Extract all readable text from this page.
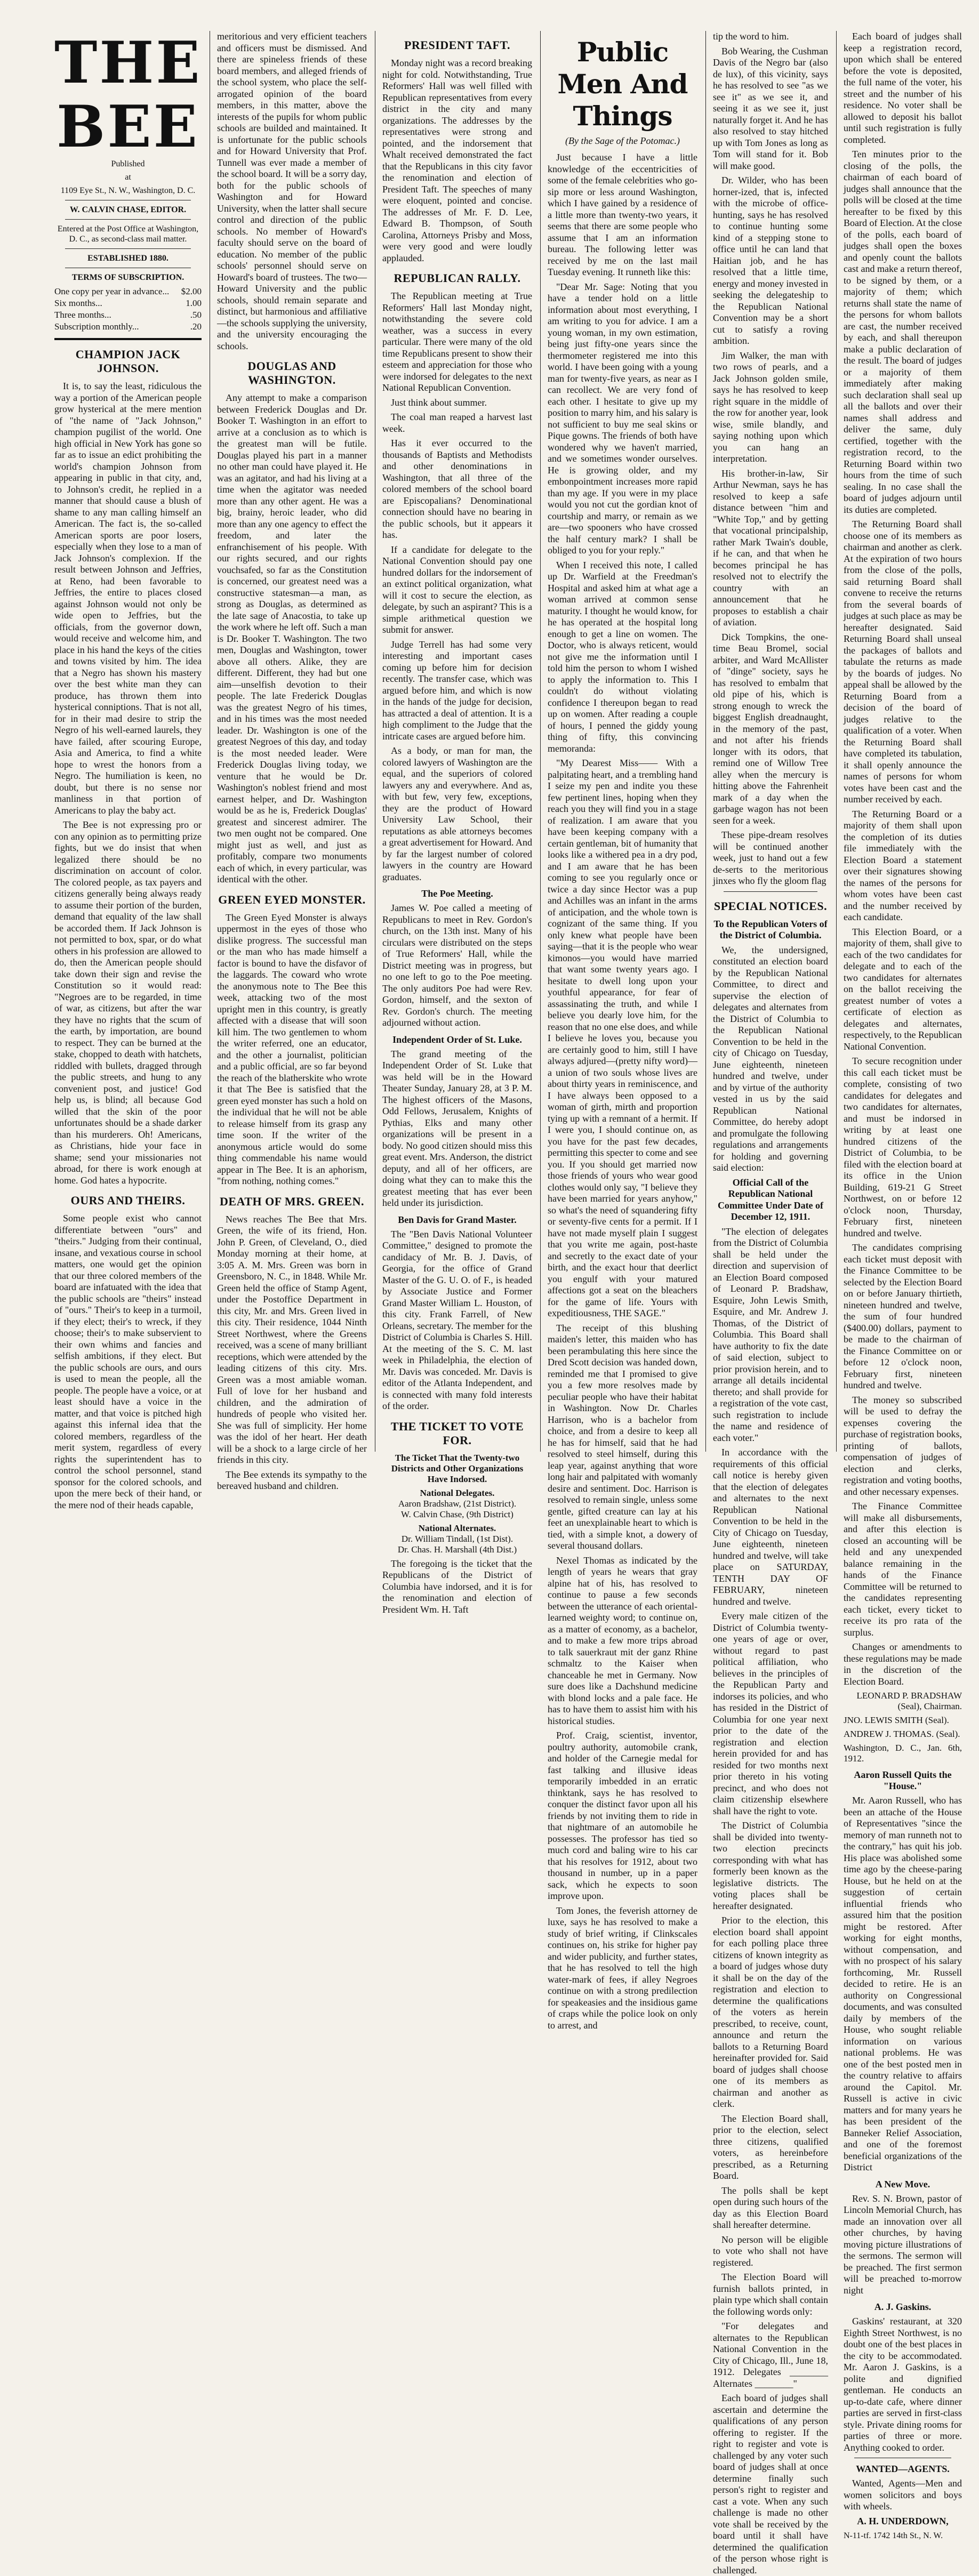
THE BEE

Published

at

1109 Eye St., N. W., Washington, D. C.

W. CALVIN CHASE, EDITOR.

Entered at the Post Office at Washington, D. C., as second-class mail matter.

ESTABLISHED 1880.

TERMS OF SUBSCRIPTION.

One copy per year in advance... $2.00
Six months...	1.00
Three months...	.50
Subscription monthly...	.20
CHAMPION JACK JOHNSON.

It is, to say the least, ridiculous the way a portion of the American people grow hysterical at the mere mention of "the name of "Jack Johnson," champion pugilist of the world. One high official in New York has gone so far as to issue an edict prohibiting the world's champion Johnson from appearing in public in that city, and, to Johnson's credit, he replied in a manner that should cause a blush of shame to any man calling himself an American. The fact is, the so-called American sports are poor losers, especially when they lose to a man of Jack Johnson's complexion. If the result between Johnson and Jeffries, at Reno, had been favorable to Jeffries, the entire to places closed against Johnson would not only be wide open to Jeffries, but the officials, from the governor down, would receive and welcome him, and place in his hand the keys of the cities and towns visited by him. The idea that a Negro has shown his mastery over the best white man they can produce, has thrown them into hysterical conniptions. That is not all, for in their mad desire to strip the Negro of his well-earned laurels, they have failed, after scouring Europe, Asia and America, to find a white hope to wrest the honors from a Negro. The humiliation is keen, no doubt, but there is no sense nor manliness in that portion of Americans to play the baby act.

The Bee is not expressing pro or con any opinion as to permitting prize fights, but we do insist that when legalized there should be no discrimination on account of color. The colored people, as tax payers and citizens generally being always ready to assume their portion of the burden, demand that equality of the law shall be accorded them. If Jack Johnson is not permitted to box, spar, or do what others in his profession are allowed to do, then the American people should take down their sign and revise the Constitution so it would read: "Negroes are to be regarded, in time of war, as citizens, but after the war they have no rights that the scum of the earth, by importation, are bound to respect. They can be burned at the stake, chopped to death with hatchets, riddled with bullets, dragged through the public streets, and hung to any convenient post, and justice! God help us, is blind; all because God willed that the skin of the poor unfortunates should be a shade darker than his murderers. Oh! Americans, as Christians, hide your face in shame; send your missionaries not abroad, for there is work enough at home. God hates a hypocrite.

OURS AND THEIRS.

Some people exist who cannot differentiate between "ours" and "theirs." Judging from their continual, insane, and vexatious course in school matters, one would get the opinion that our three colored members of the board are infatuated with the idea that the public schools are "theirs" instead of "ours." Their's to keep in a turmoil, if they elect; their's to wreck, if they choose; their's to make subservient to their own whims and fancies and selfish ambitions, if they elect. But the public schools are ours, and ours is used to mean the people, all the people. The people have a voice, or at least should have a voice in the matter, and that voice is pitched high against this infernal idea that the colored members, regardless of the merit system, regardless of every rights the superintendent has to control the school personnel, stand sponsor for the colored schools, and upon the mere beck of their hand, or the mere nod of their heads capable,

meritorious and very efficient teachers and officers must be dismissed. And there are spineless friends of these board members, and alleged friends of the school system, who place the self-arrogated opinion of the board members, in this matter, above the interests of the pupils for whom public schools are builded and maintained. It is unfortunate for the public schools and for Howard University that Prof. Tunnell was ever made a member of the school board. It will be a sorry day, both for the public schools of Washington and for Howard University, when the latter shall secure control and direction of the public schools. No member of Howard's faculty should serve on the board of education. No member of the public schools' personnel should serve on Howard's board of trustees. The two—Howard University and the public schools, should remain separate and distinct, but harmonious and affiliative—the schools supplying the university, and the university encouraging the schools.

DOUGLAS AND WASHINGTON.

Any attempt to make a comparison between Frederick Douglas and Dr. Booker T. Washington in an effort to arrive at a conclusion as to which is the greatest man will be futile. Douglas played his part in a manner no other man could have played it. He was an agitator, and had his living at a time when the agitator was needed more than any other agent. He was a big, brainy, heroic leader, who did more than any one agency to effect the freedom, and later the enfranchisement of his people. With our rights secured, and our rights vouchsafed, so far as the Constitution is concerned, our greatest need was a constructive statesman—a man, as strong as Douglas, as determined as the late sage of Anacostia, to take up the work where he left off. Such a man is Dr. Booker T. Washington. The two men, Douglas and Washington, tower above all others. Alike, they are different. Different, they had but one aim—unselfish devotion to their people. The late Frederick Douglas was the greatest Negro of his times, and in his times was the most needed leader. Dr. Washington is one of the greatest Negroes of this day, and today is the most needed leader. Were Frederick Douglas living today, we venture that he would be Dr. Washington's noblest friend and most earnest helper, and Dr. Washington would be as he is, Frederick Douglas' greatest and sincerest admirer. The two men ought not be compared. One might just as well, and just as profitably, compare two monuments each of which, in every particular, was identical with the other.

GREEN EYED MONSTER.

The Green Eyed Monster is always uppermost in the eyes of those who dislike progress. The successful man or the man who has made himself a factor is bound to have the disfavor of the laggards. The coward who wrote the anonymous note to The Bee this week, attacking two of the most upright men in this country, is greatly affected with a disease that will soon kill him. The two gentlemen to whom the writer referred, one an educator, and the other a journalist, politician and a public official, are so far beyond the reach of the blatherskite who wrote it that The Bee is satisfied that the green eyed monster has such a hold on the individual that he will not be able to release himself from its grasp any time soon. If the writer of the anonymous article would do some thing commendable his name would appear in The Bee. It is an aphorism, "from nothing, nothing comes."

DEATH OF MRS. GREEN.

News reaches The Bee that Mrs. Green, the wife of its friend, Hon. John P. Green, of Cleveland, O., died Monday morning at their home, at 3:05 A. M. Mrs. Green was born in Greensboro, N. C., in 1848. While Mr. Green held the office of Stamp Agent, under the Postoffice Department in this city, Mr. and Mrs. Green lived in this city. Their residence, 1044 Ninth Street Northwest, where the Greens received, was a scene of many brilliant receptions, which were attended by the leading citizens of this city. Mrs. Green was a most amiable woman. Full of love for her husband and children, and the admiration of hundreds of people who visited her. She was full of simplicity. Her home was the idol of her heart. Her death will be a shock to a large circle of her friends in this city.

The Bee extends its sympathy to the bereaved husband and children.

PRESIDENT TAFT.

Monday night was a record breaking night for cold. Notwithstanding, True Reformers' Hall was well filled with Republican representatives from every district in the city and many organizations. The addresses by the representatives were strong and pointed, and the indorsement that Whalt received demonstrated the fact that the Republicans in this city favor the renomination and election of President Taft. The speeches of many were eloquent, pointed and concise. The addresses of Mr. F. D. Lee, Edward B. Thompson, of South Carolina, Attorneys Prisby and Moss, were very good and were loudly applauded.

REPUBLICAN RALLY.

The Republican meeting at True Reformers' Hall last Monday night, notwithstanding the severe cold weather, was a success in every particular. There were many of the old time Republicans present to show their esteem and appreciation for those who were indorsed for delegates to the next National Republican Convention.

Just think about summer.

The coal man reaped a harvest last week.

Has it ever occurred to the thousands of Baptists and Methodists and other denominations in Washington, that all three of the colored members of the school board are Episcopalians? Denominational connection should have no bearing in the public schools, but it appears it has.

If a candidate for delegate to the National Convention should pay one hundred dollars for the indorsement of an extinct political organization, what will it cost to secure the election, as delegate, by such an aspirant? This is a simple arithmetical question we submit for answer.

Judge Terrell has had some very interesting and important cases coming up before him for decision recently. The transfer case, which was argued before him, and which is now in the hands of the judge for decision, has attracted a deal of attention. It is a high compliment to the Judge that the intricate cases are argued before him.

As a body, or man for man, the colored lawyers of Washington are the equal, and the superiors of colored lawyers any and everywhere. And as, with but few, very few, exceptions, they are the product of Howard University Law School, their reputations as able attorneys becomes a great advertisement for Howard. And by far the largest number of colored lawyers in the country are Howard graduates.

The Poe Meeting.

James W. Poe called a meeting of Republicans to meet in Rev. Gordon's church, on the 13th inst. Many of his circulars were distributed on the steps of True Reformers' Hall, while the District meeting was in progress, but no one left to go to the Poe meeting. The only auditors Poe had were Rev. Gordon, himself, and the sexton of Rev. Gordon's church. The meeting adjourned without action.

Independent Order of St. Luke.

The grand meeting of the Independent Order of St. Luke that was held will be in the Howard Theater Sunday, January 28, at 3 P. M. The highest officers of the Masons, Odd Fellows, Jerusalem, Knights of Pythias, Elks and many other organizations will be present in a body. No good citizen should miss this great event. Mrs. Anderson, the district deputy, and all of her officers, are doing what they can to make this the greatest meeting that has ever been held under its jurisdiction.

Ben Davis for Grand Master.

The "Ben Davis National Volunteer Committee," designed to promote the candidacy of Mr. B. J. Davis, of Georgia, for the office of Grand Master of the G. U. O. of F., is headed by Associate Justice and Former Grand Master William L. Houston, of this city. Frank Farrell, of New Orleans, secretary. The member for the District of Columbia is Charles S. Hill. At the meeting of the S. C. M. last week in Philadelphia, the election of Mr. Davis was conceded. Mr. Davis is editor of the Atlanta Independent, and is connected with many fold interests of the order.

THE TICKET TO VOTE FOR.

The Ticket That the Twenty-two Districts and Other Organizations Have Indorsed.

National Delegates.

Aaron Bradshaw, (21st District).

W. Calvin Chase, (9th District)

National Alternates.

Dr. William Tindall, (1st Dist).

Dr. Chas. H. Marshall (4th Dist.)

The foregoing is the ticket that the Republicans of the District of Columbia have indorsed, and it is for the renomination and election of President Wm. H. Taft

Public Men And Things
(By the Sage of the Potomac.)

Just because I have a little knowledge of the eccentricities of some of the female celebrities who go-sip more or less around Washington, which I have gained by a residence of a little more than twenty-two years, it seems that there are some people who assume that I am an information bureau. The following letter was received by me on the last mail Tuesday evening. It runneth like this:

"Dear Mr. Sage: Noting that you have a tender hold on a little information about most everything, I am writing to you for advice. I am a young woman, in my own estimation, being just fifty-one years since the thermometer registered me into this world. I have been going with a young man for twenty-five years, as near as I can recollect. We are very fond of each other. I hesitate to give up my position to marry him, and his salary is not sufficient to buy me seal skins or Pique gowns. The friends of both have wondered why we haven't married, and we sometimes wonder ourselves. He is growing older, and my embonpointment increases more rapid than my age. If you were in my place would you not cut the gordian knot of courtship and marry, or remain as we are—two spooners who have crossed the half century mark? I shall be obliged to you for your reply."

When I received this note, I called up Dr. Warfield at the Freedman's Hospital and asked him at what age a woman arrived at common sense maturity. I thought he would know, for he has operated at the hospital long enough to get a line on women. The Doctor, who is always reticent, would not give me the information until I told him the person to whom I wished to apply the information to. This I couldn't do without violating confidence I thereupon began to read up on women. After reading a couple of hours, I penned the giddy young thing of fifty, this convincing memoranda:

"My Dearest Miss—— With a palpitating heart, and a trembling hand I seize my pen and indite you these few pertinent lines, hoping when they reach you they will find you in a stage of realization. I am aware that you have been keeping company with a certain gentleman, bit of humanity that looks like a withered pea in a dry pod, and I am aware that he has been coming to see you regularly once or twice a day since Hector was a pup and Achilles was an infant in the arms of anticipation, and the whole town is cognizant of the same thing. If you only knew what people have been saying—that it is the people who wear kimonos—you would have married that want some twenty years ago. I hesitate to dwell long upon your youthful appearance, for fear of assassinating the truth, and while I believe you dearly love him, for the reason that no one else does, and while I believe he loves you, because you are certainly good to him, still I have always adjured—(pretty nifty word)—a union of two souls whose lives are about thirty years in reminiscence, and I have always been opposed to a woman of girth, mirth and proportion tying up with a remnant of a hermit. If I were you, I should continue on, as you have for the past few decades, permitting this specter to come and see you. If you should get married now those friends of yours who wear good clothes would only say, "I believe they have been married for years anyhow," so what's the need of squandering fifty or seventy-five cents for a permit. If I have not made myself plain I suggest that you write me again, post-haste and secretly to the exact date of your birth, and the exact hour that deerlict you engulf with your matured affections got a seat on the bleachers for the game of life. Yours with expeditiousness, THE SAGE."

The receipt of this blushing maiden's letter, this maiden who has been perambulating this here since the Dred Scott decision was handed down, reminded me that I promised to give you a few more resolves made by peculiar people who have their habitat in Washington. Now Dr. Charles Harrison, who is a bachelor from choice, and from a desire to keep all he has for himself, said that he had resolved to steel himself, during this leap year, against anything that wore long hair and palpitated with womanly desire and sentiment. Doc. Harrison is resolved to remain single, unless some gentle, gifted creature can lay at his feet an unexplainable heart to which is tied, with a simple knot, a dowery of several thousand dollars.

Nexel Thomas as indicated by the length of years he wears that gray alpine hat of his, has resolved to continue to pause a few seconds between the utterance of each oriental-learned weighty word; to continue on, as a matter of economy, as a bachelor, and to make a few more trips abroad to talk sauerkraut mit der ganz Rhine schmaltz to the Kaiser when chanceable he met in Germany. Now sure does like a Dachshund medicine with blond locks and a pale face. He has to have them to assist him with his historical studies.

Prof. Craig, scientist, inventor, poultry authority, automobile crank, and holder of the Carnegie medal for fast talking and illusive ideas temporarily imbedded in an erratic thinktank, says he has resolved to conquer the distinct favor upon all his friends by not inviting them to ride in that nightmare of an automobile he possesses. The professor has tied so much cord and baling wire to his car that his resolves for 1912, about two thousand in number, up in a paper sack, which he expects to soon improve upon.

Tom Jones, the feverish attorney de luxe, says he has resolved to make a study of brief writing, if Clinkscales continues on, his strike for higher pay and wider publicity, and further states, that he has resolved to tell the high water-mark of fees, if alley Negroes continue on with a strong predilection for speakeasies and the insidious game of craps while the police look on only to arrest, and

tip the word to him.

Bob Wearing, the Cushman Davis of the Negro bar (also de lux), of this vicinity, says he has resolved to see "as we see it" as we see it, and seeing it as we see it, just naturally forget it. And he has also resolved to stay hitched up with Tom Jones as long as Tom will stand for it. Bob will make good.

Dr. Wilder, who has been horner-ized, that is, infected with the microbe of office-hunting, says he has resolved to continue hunting some kind of a stepping stone to office until he can land that Haitian job, and he has resolved that a little time, energy and money invested in seeking the delegateship to the Republican National Convention may be a short cut to satisfy a roving ambition.

Jim Walker, the man with two rows of pearls, and a Jack Johnson golden smile, says he has resolved to keep right square in the middle of the row for another year, look wise, smile blandly, and saying nothing upon which you can hang an interpretation.

His brother-in-law, Sir Arthur Newman, says he has resolved to keep a safe distance between "him and "White Top," and by getting that vocational principalship, rather Mark Twain's double, if he can, and that when he becomes principal he has resolved not to electrify the country with an announcement that he proposes to establish a chair of aviation.

Dick Tompkins, the one-time Beau Bromel, social arbiter, and Ward McAllister of "dinge" society, says he has resolved to embalm that old pipe of his, which is strong enough to wreck the biggest English dreadnaught, in the memory of the past, and not after his friends longer with its odors, that remind one of Willow Tree alley when the mercury is hitting above the Fahrenheit mark of a day when the garbage wagon has not been seen for a week.

These pipe-dream resolves will be continued another week, just to hand out a few de-serts to the meritorious jinxes who fly the gloom flag

SPECIAL NOTICES.

To the Republican Voters of the District of Columbia.

We, the undersigned, constituted an election board by the Republican National Committee, to direct and supervise the election of delegates and alternates from the District of Columbia to the Republican National Convention to be held in the city of Chicago on Tuesday, June eighteenth, nineteen hundred and twelve, under and by virtue of the authority vested in us by the said Republican National Committee, do hereby adopt and promulgate the following regulations and arrangements for holding and governing said election:

Official Call of the Republican National Committee Under Date of December 12, 1911.

"The election of delegates from the District of Columbia shall be held under the direction and supervision of an Election Board composed of Leonard P. Bradshaw, Esquire, John Lewis Smith, Esquire, and Mr. Andrew J. Thomas, of the District of Columbia. This Board shall have authority to fix the date of said election, subject to prior provision herein, and to arrange all details incidental thereto; and shall provide for a registration of the vote cast, such registration to include the name and residence of each voter."

In accordance with the requirements of this official call notice is hereby given that the election of delegates and alternates to the next Republican National Convention to be held in the City of Chicago on Tuesday, June eighteenth, nineteen hundred and twelve, will take place on SATURDAY, TENTH DAY OF FEBRUARY, nineteen hundred and twelve.

Every male citizen of the District of Columbia twenty-one years of age or over, without regard to past political affiliation, who believes in the principles of the Republican Party and indorses its policies, and who has resided in the District of Columbia for one year next prior to the date of the registration and election herein provided for and has resided for two months next prior thereto in his voting precinct, and who does not claim citizenship elsewhere shall have the right to vote.

The District of Columbia shall be divided into twenty-two election precincts corresponding with what has formerly been known as the legislative districts. The voting places shall be hereafter designated.

Prior to the election, this election board shall appoint for each polling place three citizens of known integrity as a board of judges whose duty it shall be on the day of the registration and election to determine the qualifications of the voters as herein prescribed, to receive, count, announce and return the ballots to a Returning Board hereinafter provided for. Said board of judges shall choose one of its members as chairman and another as clerk.

The Election Board shall, prior to the election, select three citizens, qualified voters, as hereinbefore prescribed, as a Returning Board.

The polls shall be kept open during such hours of the day as this Election Board shall hereafter determine.

No person will be eligible to vote who shall not have registered.

The Election Board will furnish ballots printed, in plain type which shall contain the following words only:

"For delegates and alternates to the Republican National Convention in the City of Chicago, Ill., June 18, 1912. Delegates ________ Alternates ________"

Each board of judges shall ascertain and determine the qualifications of any person offering to register. If the right to register and vote is challenged by any voter such board of judges shall at once determine finally such person's right to register and cast a vote. When any such challenge is made no other vote shall be received by the board until it shall have determined the qualification of the person whose right is challenged.

Each board of judges shall keep a registration record, upon which shall be entered before the vote is deposited, the full name of the voter, his street and the number of his residence. No voter shall be allowed to deposit his ballot until such registration is fully completed.

Ten minutes prior to the closing of the polls, the chairman of each board of judges shall announce that the polls will be closed at the time hereafter to be fixed by this Board of Election. At the close of the polls, each board of judges shall open the boxes and openly count the ballots cast and make a return thereof, to be signed by them, or a majority of them; which returns shall state the name of the persons for whom ballots are cast, the number received by each, and shall thereupon make a public declaration of the result. The board of judges or a majority of them immediately after making such declaration shall seal up all the ballots and over their names shall address and deliver the same, duly certified, together with the registration record, to the Returning Board within two hours from the time of such sealing. In no case shall the board of judges adjourn until its duties are completed.

The Returning Board shall choose one of its members as chairman and another as clerk. At the expiration of two hours from the close of the polls, said returning Board shall convene to receive the returns from the several boards of judges at such place as may be hereafter designated. Said Returning Board shall unseal the packages of ballots and tabulate the returns as made by the boards of judges. No appeal shall be allowed by the Returning Board from a decision of the board of judges relative to the qualification of a voter. When the Returning Board shall have completed its tabulation, it shall openly announce the names of persons for whom votes have been cast and the number received by each.

The Returning Board or a majority of them shall upon the completion of its duties file immediately with the Election Board a statement over their signatures showing the names of the persons for whom votes have been cast and the number received by each candidate.

This Election Board, or a majority of them, shall give to each of the two candidates for delegate and to each of the two candidates for alternates on the ballot receiving the greatest number of votes a certificate of election as delegates and alternates, respectively, to the Republican National Convention.

To secure recognition under this call each ticket must be complete, consisting of two candidates for delegates and two candidates for alternates, and must be indorsed in writing by at least one hundred citizens of the District of Columbia, to be filed with the election board at its office in the Union Building, 619-21 G Street Northwest, on or before 12 o'clock noon, Thursday, February first, nineteen hundred and twelve.

The candidates comprising each ticket must deposit with the Finance Committee to be selected by the Election Board on or before January thirtieth, nineteen hundred and twelve, the sum of four hundred ($400.00) dollars, payment to be made to the chairman of the Finance Committee on or before 12 o'clock noon, February first, nineteen hundred and twelve.

The money so subscribed will be used to defray the expenses covering the purchase of registration books, printing of ballots, compensation of judges of election and clerks, registration and voting booths, and other necessary expenses.

The Finance Committee will make all disbursements, and after this election is closed an accounting will be held and any unexpended balance remaining in the hands of the Finance Committee will be returned to the candidates representing each ticket, every ticket to receive its pro rata of the surplus.

Changes or amendments to these regulations may be made in the discretion of the Election Board.

LEONARD P. BRADSHAW (Seal), Chairman.

JNO. LEWIS SMITH (Seal).

ANDREW J. THOMAS. (Seal).

Washington, D. C., Jan. 6th, 1912.

Aaron Russell Quits the "House."

Mr. Aaron Russell, who has been an attache of the House of Representatives "since the memory of man runneth not to the contrary," has quit his job. His place was abolished some time ago by the cheese-paring House, but he held on at the suggestion of certain influential friends who assured him that the position might be restored. After working for eight months, without compensation, and with no prospect of his salary forthcoming, Mr. Russell decided to retire. He is an authority on Congressional documents, and was consulted daily by members of the House, who sought reliable information on various national problems. He was one of the best posted men in the country relative to affairs around the Capitol. Mr. Russell is active in civic matters and for many years he has been president of the Banneker Relief Association, and one of the foremost beneficial organizations of the District

A New Move.

Rev. S. N. Brown, pastor of Lincoln Memorial Church, has made an innovation over all other churches, by having moving picture illustrations of the sermons. The sermon will be preached. The first sermon will be preached to-morrow night

A. J. Gaskins.

Gaskins' restaurant, at 320 Eighth Street Northwest, is no doubt one of the best places in the city to be accommodated. Mr. Aaron J. Gaskins, is a polite and dignified gentleman. He conducts an up-to-date cafe, where dinner parties are served in first-class style. Private dining rooms for parties of three or more. Anything cooked to order.

WANTED—AGENTS.

Wanted, Agents—Men and women solicitors and boys with wheels.

A. H. UNDERDOWN,

N-11-tf. 1742 14th St., N. W.
